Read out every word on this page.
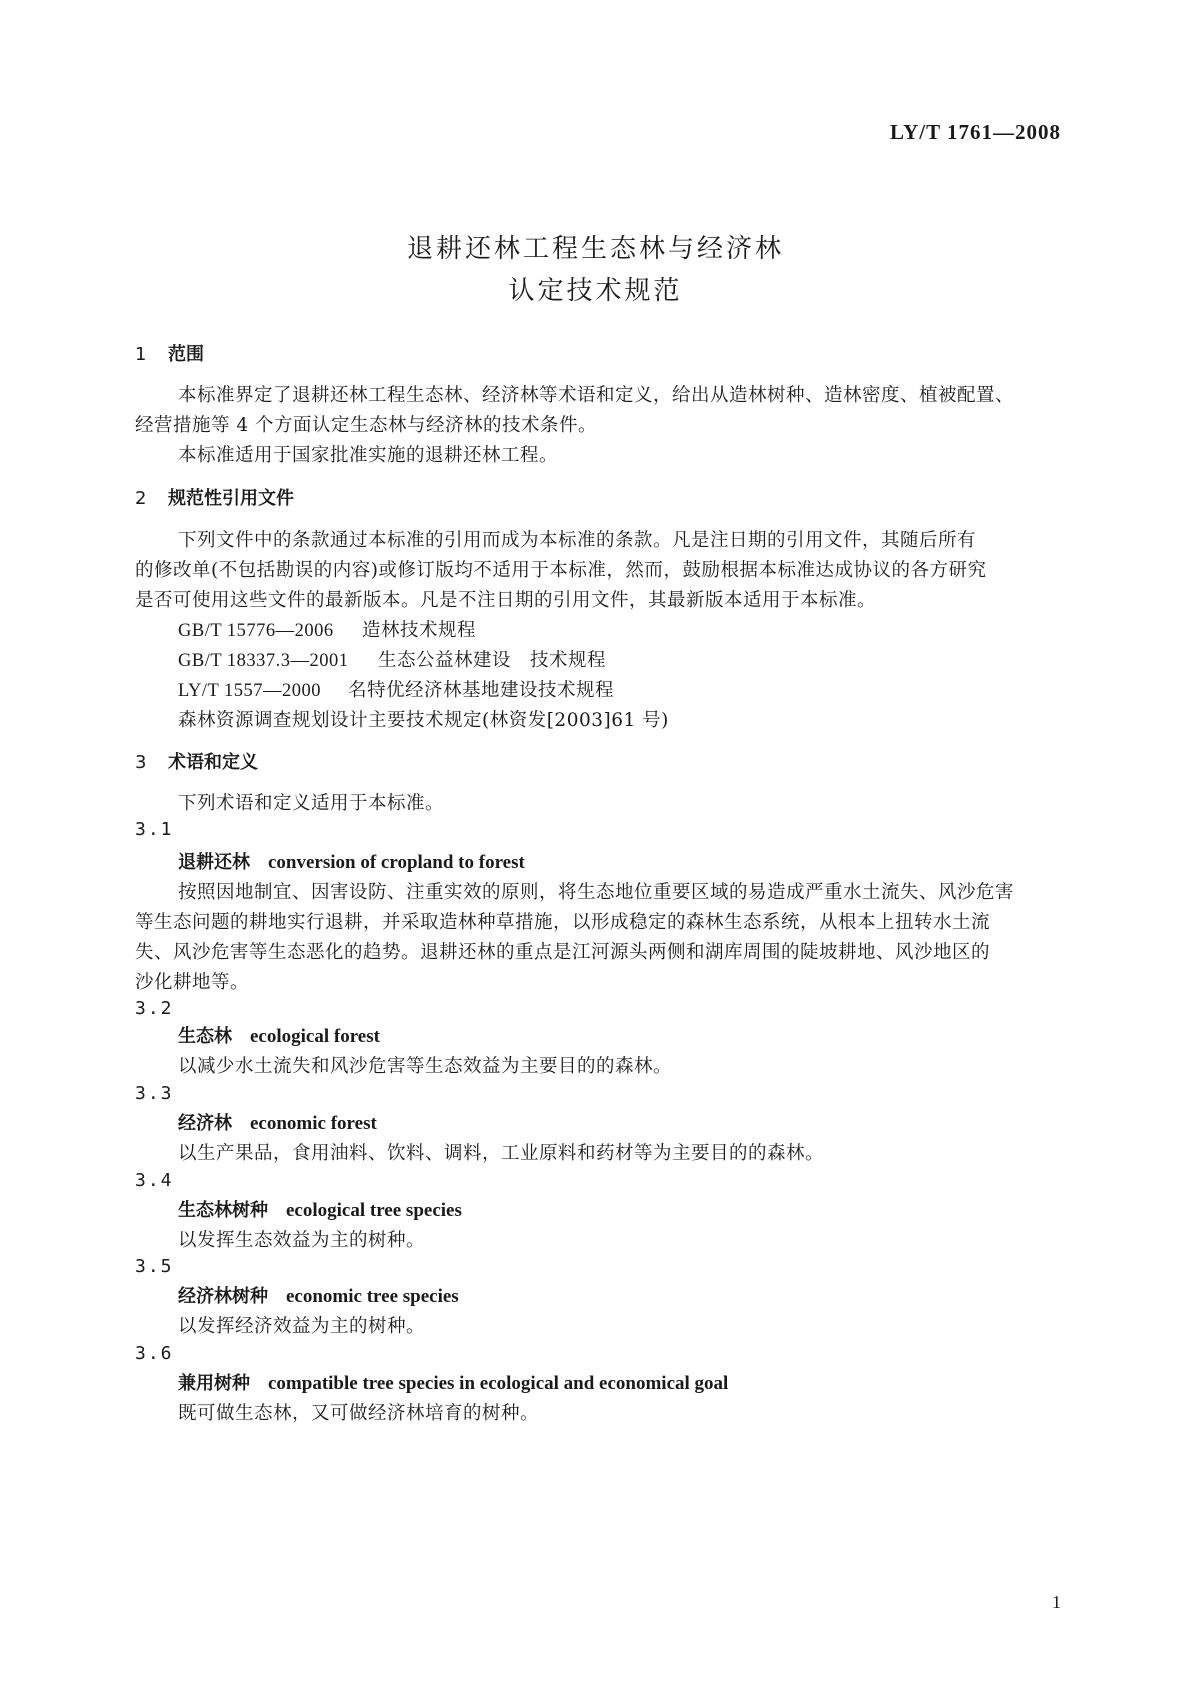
LY/T 1761—2008
退耕还林工程生态林与经济林
认定技术规范
1 范围
本标准界定了退耕还林工程生态林、经济林等术语和定义，给出从造林树种、造林密度、植被配置、
经营措施等 4 个方面认定生态林与经济林的技术条件。
本标准适用于国家批准实施的退耕还林工程。
2 规范性引用文件
下列文件中的条款通过本标准的引用而成为本标准的条款。凡是注日期的引用文件，其随后所有
的修改单(不包括勘误的内容)或修订版均不适用于本标准，然而，鼓励根据本标准达成协议的各方研究
是否可使用这些文件的最新版本。凡是不注日期的引用文件，其最新版本适用于本标准。
GB/T 15776—2006 造林技术规程
GB/T 18337.3—2001 生态公益林建设　技术规程
LY/T 1557—2000 名特优经济林基地建设技术规程
森林资源调查规划设计主要技术规定(林资发[2003]61 号)
3 术语和定义
下列术语和定义适用于本标准。
3.1
退耕还林 conversion of cropland to forest
按照因地制宜、因害设防、注重实效的原则，将生态地位重要区域的易造成严重水土流失、风沙危害
等生态问题的耕地实行退耕，并采取造林种草措施，以形成稳定的森林生态系统，从根本上扭转水土流
失、风沙危害等生态恶化的趋势。退耕还林的重点是江河源头两侧和湖库周围的陡坡耕地、风沙地区的
沙化耕地等。
3.2
生态林 ecological forest
以减少水土流失和风沙危害等生态效益为主要目的的森林。
3.3
经济林 economic forest
以生产果品，食用油料、饮料、调料，工业原料和药材等为主要目的的森林。
3.4
生态林树种 ecological tree species
以发挥生态效益为主的树种。
3.5
经济林树种 economic tree species
以发挥经济效益为主的树种。
3.6
兼用树种 compatible tree species in ecological and economical goal
既可做生态林，又可做经济林培育的树种。
1
